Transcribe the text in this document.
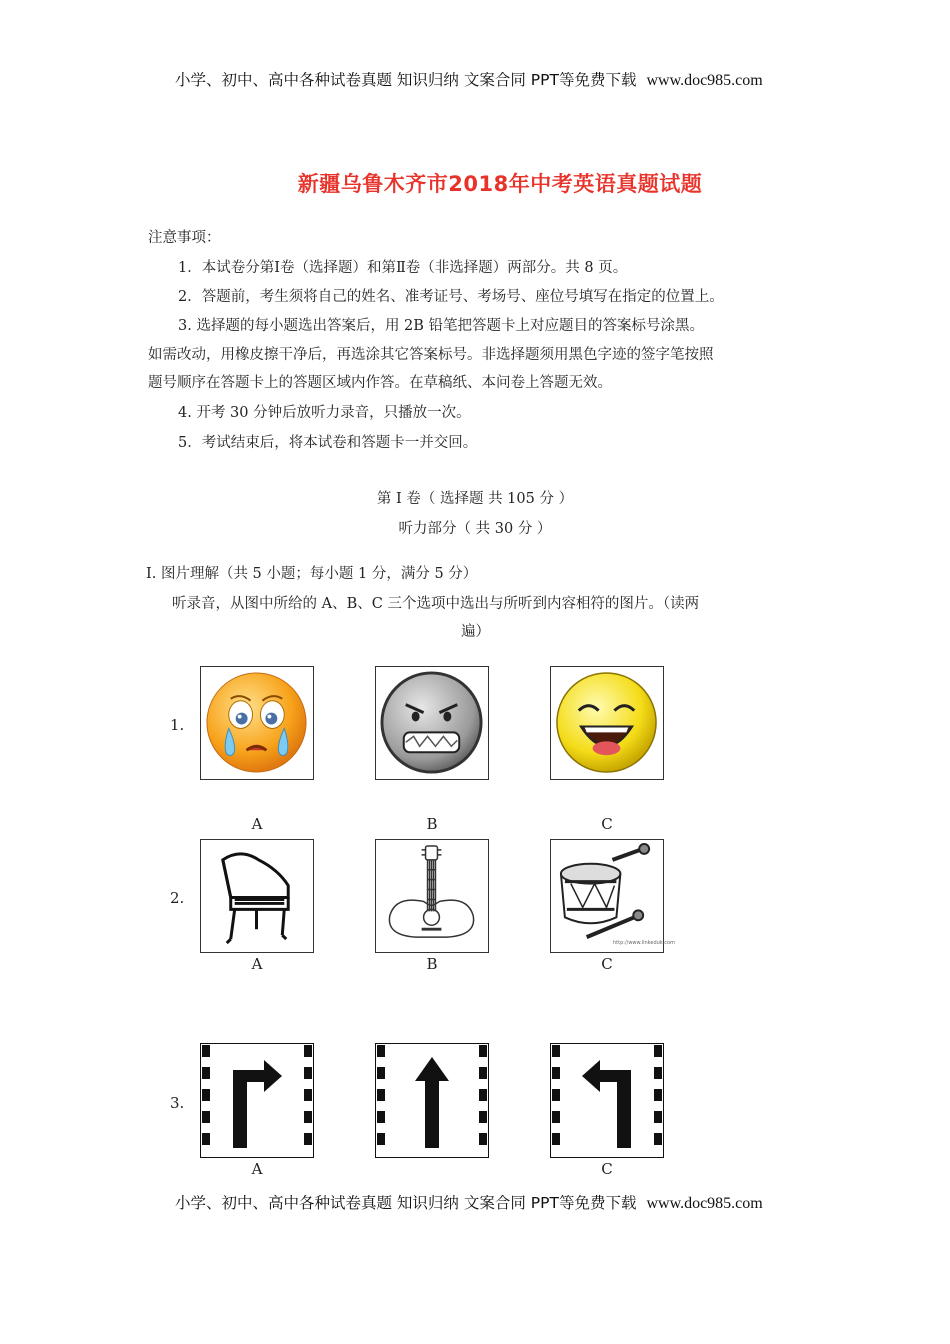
小学、初中、高中各种试卷真题 知识归纳 文案合同 PPT等免费下载 www.doc985.com
新疆乌鲁木齐市2018年中考英语真题试题
注意事项：
1．本试卷分第Ⅰ卷（选择题）和第Ⅱ卷（非选择题）两部分。共 8 页。
2．答题前，考生须将自己的姓名、准考证号、考场号、座位号填写在指定的位置上。
3. 选择题的每小题选出答案后，用 2B 铅笔把答题卡上对应题目的答案标号涂黑。
如需改动，用橡皮擦干净后，再选涂其它答案标号。非选择题须用黑色字迹的签字笔按照
题号顺序在答题卡上的答题区域内作答。在草稿纸、本问卷上答题无效。
4. 开考 30 分钟后放听力录音，只播放一次。
5．考试结束后，将本试卷和答题卡一并交回。
第 Ⅰ 卷（ 选择题 共 105 分 ）
听力部分（ 共 30 分 ）
Ⅰ. 图片理解（共 5 小题；每小题 1 分，满分 5 分）
听录音，从图中所给的 A、B、C 三个选项中选出与所听到内容相符的图片。（读两
遍）
1.
A	B	C
2.
http://www.linkeduk.com
A	B	C
3.
A	C
小学、初中、高中各种试卷真题 知识归纳 文案合同 PPT等免费下载 www.doc985.com
